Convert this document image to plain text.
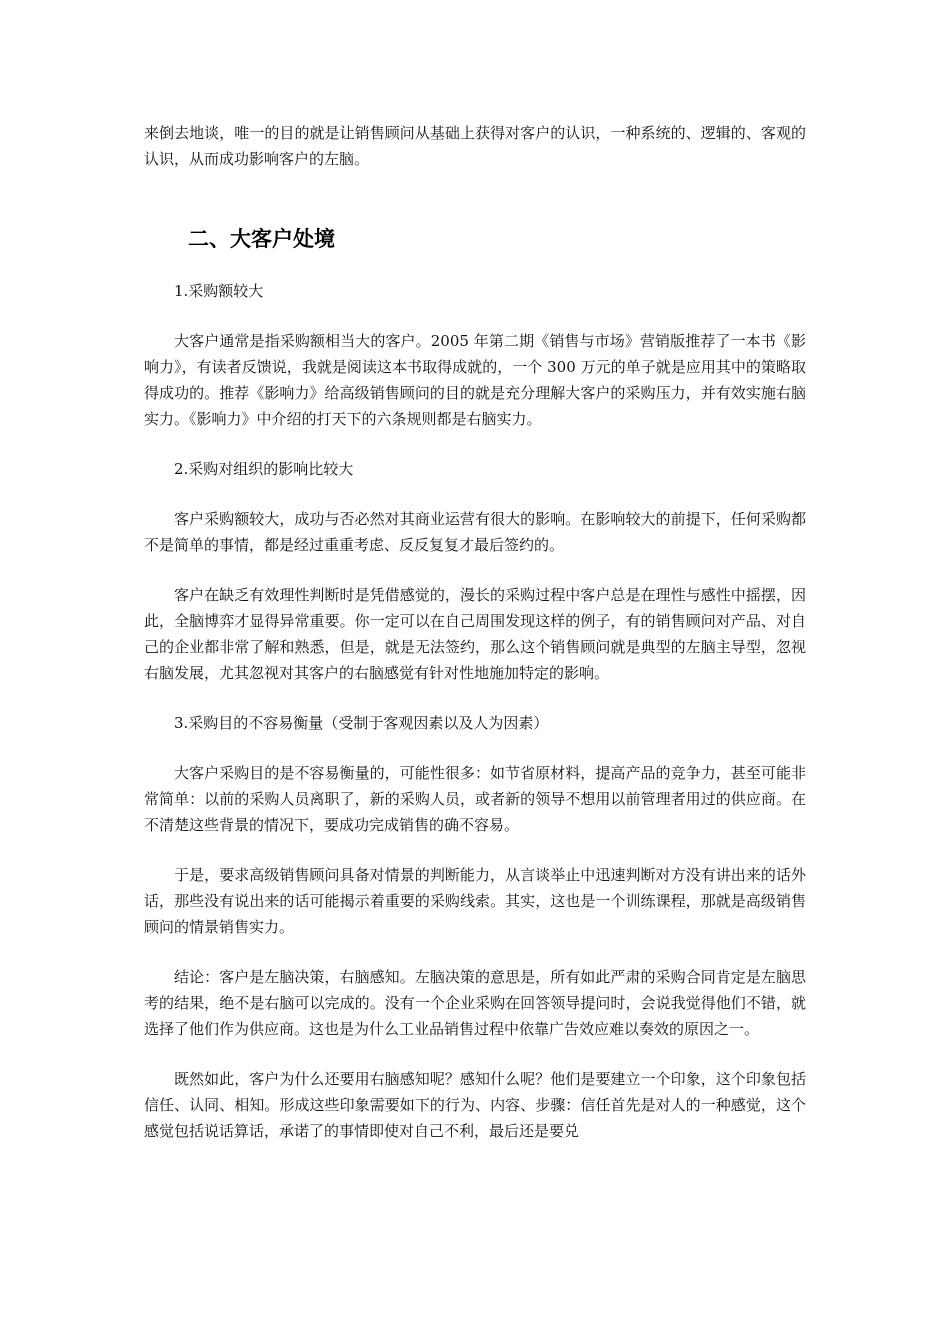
来倒去地谈，唯一的目的就是让销售顾问从基础上获得对客户的认识，一种系统的、逻辑的、客观的认识，从而成功影响客户的左脑。

二、大客户处境

1.采购额较大

大客户通常是指采购额相当大的客户。2005 年第二期《销售与市场》营销版推荐了一本书《影响力》，有读者反馈说，我就是阅读这本书取得成就的，一个 300 万元的单子就是应用其中的策略取得成功的。推荐《影响力》给高级销售顾问的目的就是充分理解大客户的采购压力，并有效实施右脑实力。《影响力》中介绍的打天下的六条规则都是右脑实力。

2.采购对组织的影响比较大

客户采购额较大，成功与否必然对其商业运营有很大的影响。在影响较大的前提下，任何采购都不是简单的事情，都是经过重重考虑、反反复复才最后签约的。

客户在缺乏有效理性判断时是凭借感觉的，漫长的采购过程中客户总是在理性与感性中摇摆，因此，全脑博弈才显得异常重要。你一定可以在自己周围发现这样的例子，有的销售顾问对产品、对自己的企业都非常了解和熟悉，但是，就是无法签约，那么这个销售顾问就是典型的左脑主导型，忽视右脑发展，尤其忽视对其客户的右脑感觉有针对性地施加特定的影响。

3.采购目的不容易衡量（受制于客观因素以及人为因素）

大客户采购目的是不容易衡量的，可能性很多：如节省原材料，提高产品的竞争力，甚至可能非常简单：以前的采购人员离职了，新的采购人员，或者新的领导不想用以前管理者用过的供应商。在不清楚这些背景的情况下，要成功完成销售的确不容易。

于是，要求高级销售顾问具备对情景的判断能力，从言谈举止中迅速判断对方没有讲出来的话外话，那些没有说出来的话可能揭示着重要的采购线索。其实，这也是一个训练课程，那就是高级销售顾问的情景销售实力。

结论：客户是左脑决策，右脑感知。左脑决策的意思是，所有如此严肃的采购合同肯定是左脑思考的结果，绝不是右脑可以完成的。没有一个企业采购在回答领导提问时，会说我觉得他们不错，就选择了他们作为供应商。这也是为什么工业品销售过程中依靠广告效应难以奏效的原因之一。

既然如此，客户为什么还要用右脑感知呢？感知什么呢？他们是要建立一个印象，这个印象包括信任、认同、相知。形成这些印象需要如下的行为、内容、步骤：信任首先是对人的一种感觉，这个感觉包括说话算话，承诺了的事情即使对自己不利，最后还是要兑
